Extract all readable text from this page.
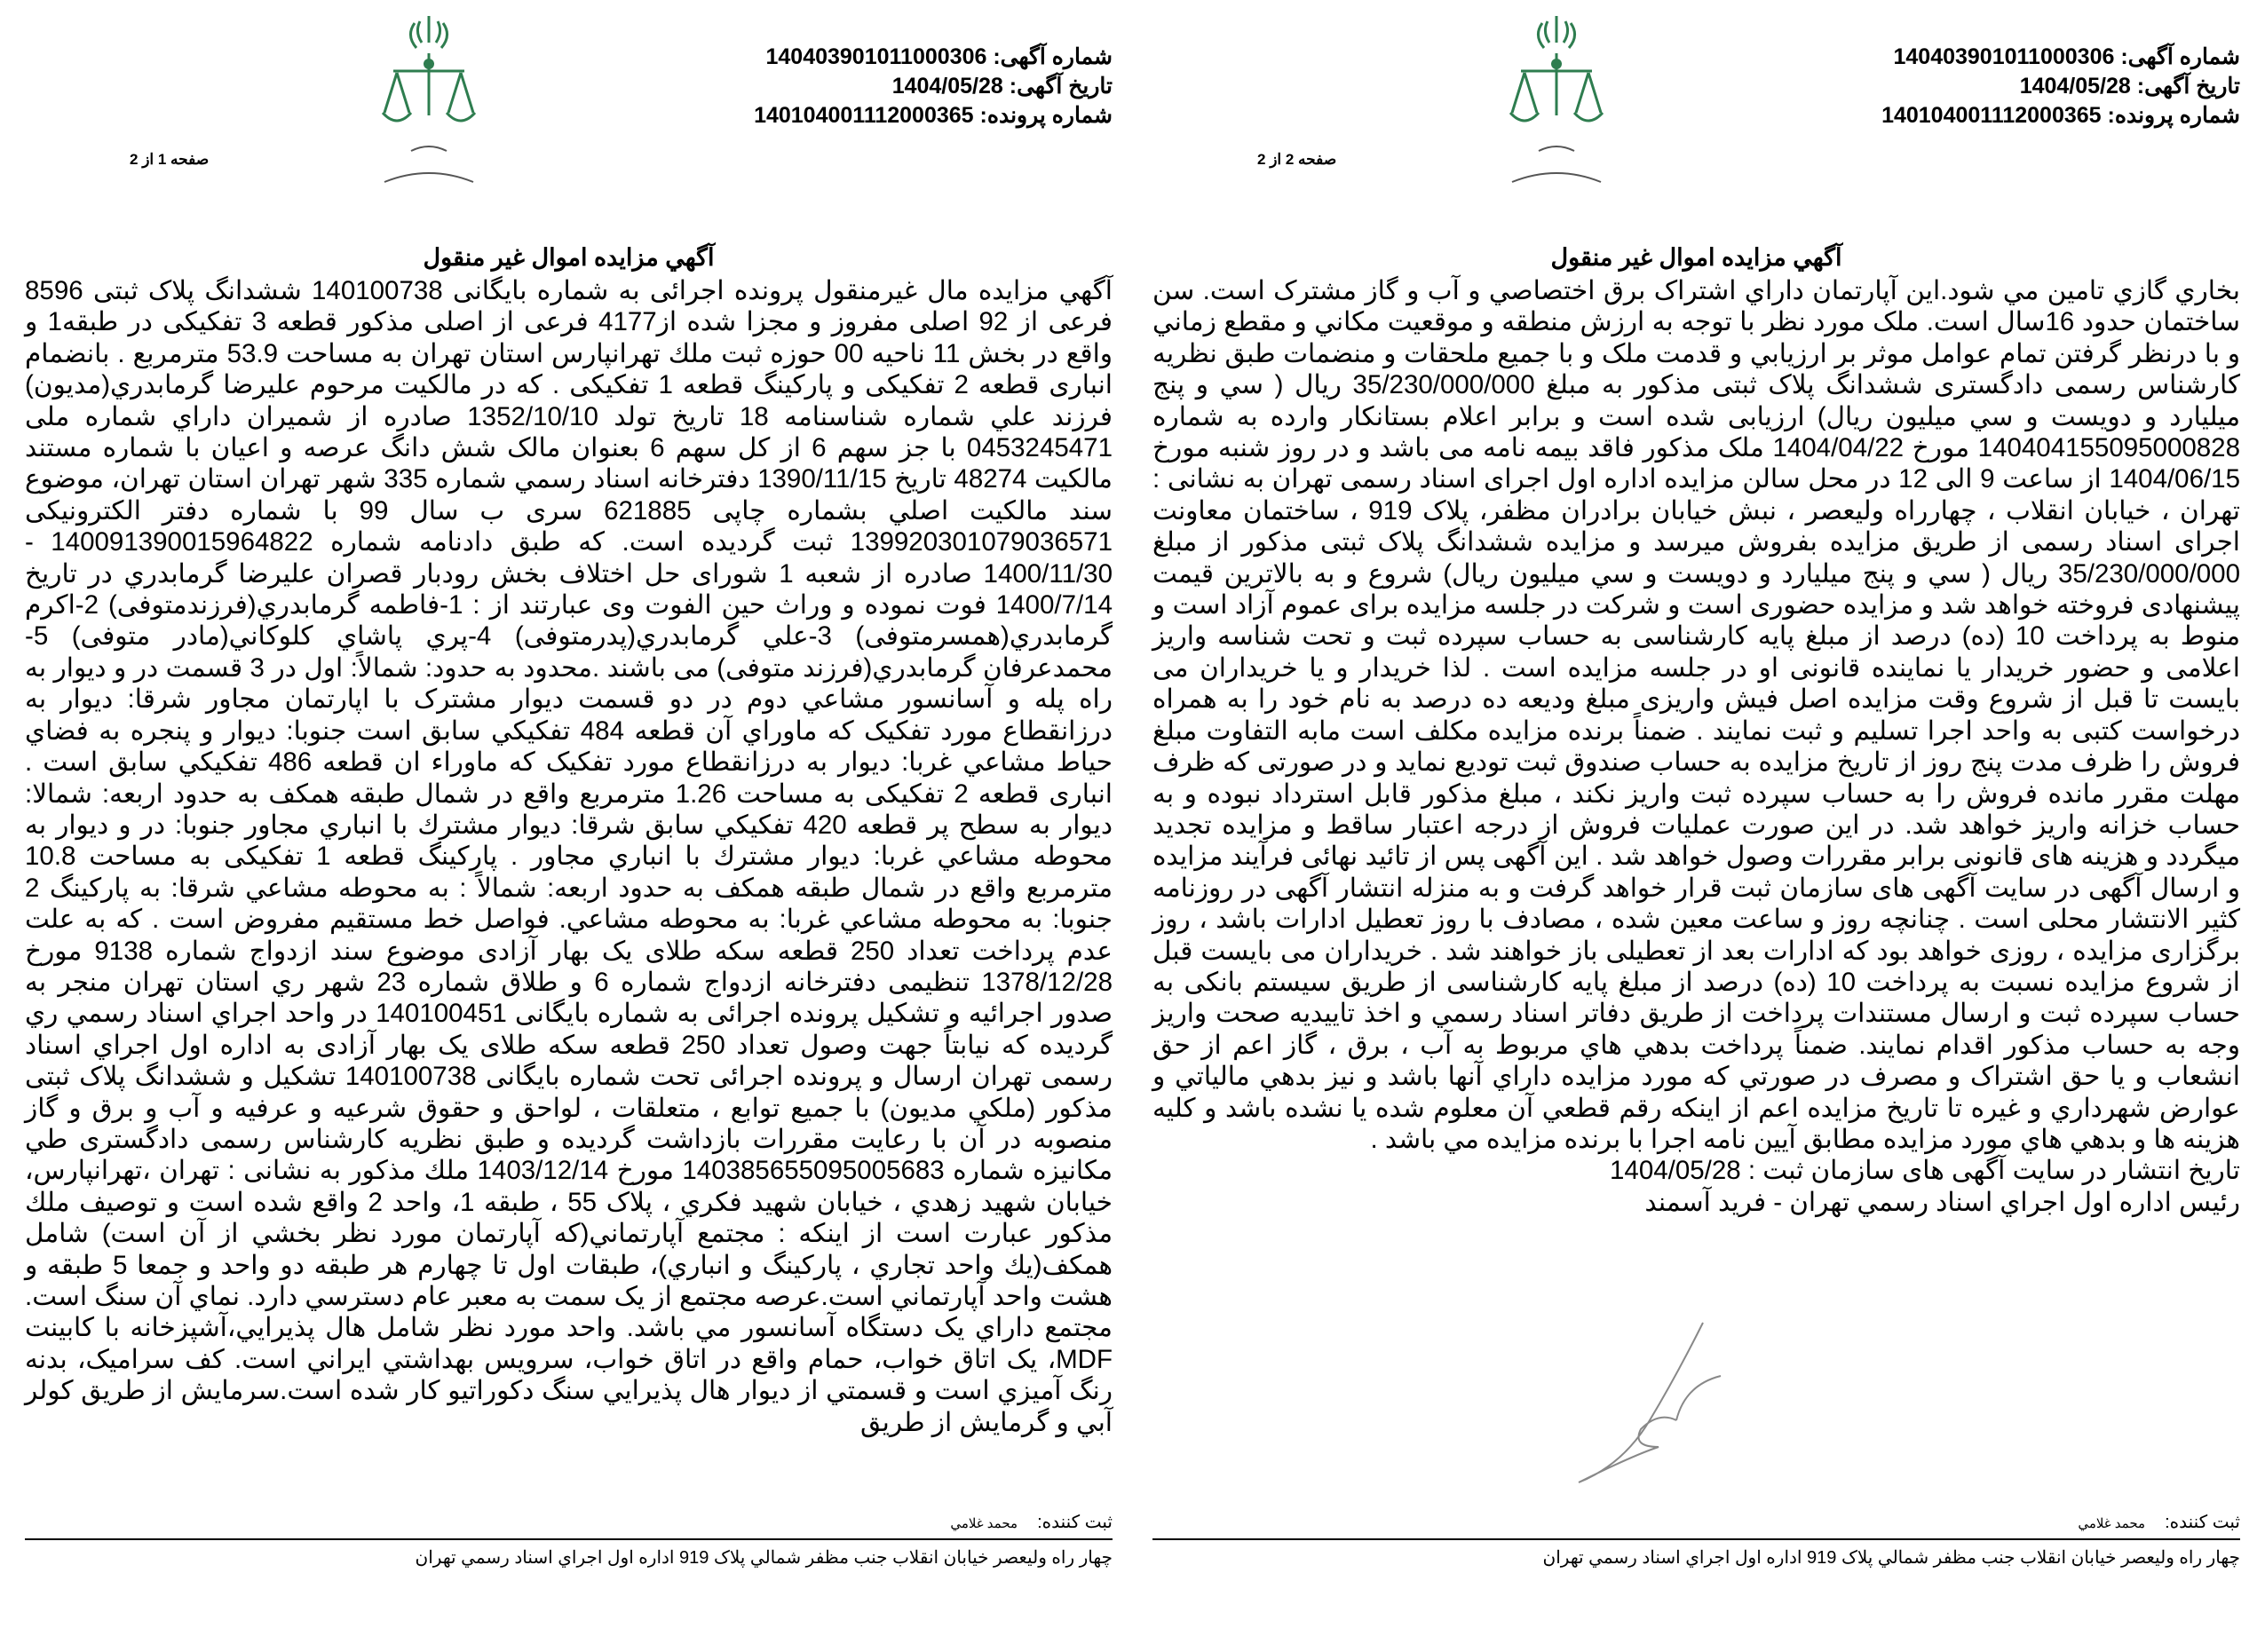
شماره آگهی: 140403901011000306
تاریخ آگهی: 1404/05/28
شماره پرونده: 140104001112000365
صفحه 1 از 2
آگهي مزايده اموال غير منقول

آگهي مزايده مال غيرمنقول پرونده اجرائی به شماره بایگانی 140100738 ششدانگ پلاک ثبتی 8596 فرعی از 92 اصلی مفروز و مجزا شده از4177 فرعی از اصلی مذکور قطعه 3 تفکیکی در طبقه1 و واقع در بخش 11 ناحیه 00 حوزه ثبت ملك تهرانپارس استان تهران به مساحت 53.9 مترمربع . بانضمام انباری قطعه 2 تفکیکی و پارکینگ قطعه 1 تفکیکی . که در مالکیت مرحوم علیرضا گرمابدري(مدیون) فرزند علي شماره شناسنامه 18 تاريخ تولد 1352/10/10 صادره از شميران داراي شماره ملی 0453245471 با جز سهم 6 از کل سهم 6 بعنوان مالک شش دانگ عرصه و اعیان با شماره مستند مالکيت 48274 تاريخ 1390/11/15 دفترخانه اسناد رسمي شماره 335 شهر تهران استان تهران، موضوع سند مالکيت اصلي بشماره چاپی 621885 سری ب سال 99 با شماره دفتر الکترونیکی 139920301079036571 ثبت گردیده است. که طبق دادنامه شماره 140091390015964822 - 1400/11/30 صادره از شعبه 1 شورای حل اختلاف بخش رودبار قصران عليرضا گرمابدري در تاريخ 1400/7/14 فوت نموده و وراث حین الفوت وی عبارتند از : 1-فاطمه گرمابدري(فرزندمتوفی) 2-اکرم گرمابدري(همسرمتوفی) 3-علي گرمابدري(پدرمتوفی) 4-پري پاشاي کلوکاني(مادر متوفی) 5-محمدعرفان گرمابدري(فرزند متوفی) می باشند .محدود به حدود: شمالاً: اول در 3 قسمت در و ديوار به راه پله و آسانسور مشاعي دوم در دو قسمت ديوار مشترک با اپارتمان مجاور شرقا: ديوار به درزانقطاع مورد تفکيک که ماوراي آن قطعه 484 تفکيكي سابق است جنوبا: ديوار و پنجره به فضاي حياط مشاعي غربا: ديوار به درزانقطاع مورد تفکيک كه ماوراء ان قطعه 486 تفکيكي سابق است . انباری قطعه 2 تفکیکی به مساحت 1.26 مترمربع واقع در شمال طبقه همکف به حدود اربعه: شمالا: ديوار به سطح پر قطعه 420 تفکيکي سابق شرقا: ديوار مشترك با انباري مجاور جنوبا: در و ديوار به محوطه مشاعي غربا: ديوار مشترك با انباري مجاور . پارکینگ قطعه 1 تفکیکی به مساحت 10.8 مترمربع واقع در شمال طبقه همکف به حدود اربعه: شمالاً : به محوطه مشاعي شرقا: به پارکينگ 2 جنوبا: به محوطه مشاعي غربا: به محوطه مشاعي. فواصل خط مستقيم مفروض است . که به علت عدم پرداخت تعداد 250 قطعه سکه طلای یک بهار آزادی موضوع سند ازدواج شماره 9138 مورخ 1378/12/28 تنظیمی دفترخانه ازدواج شماره 6 و طلاق شماره 23 شهر ري استان تهران منجر به صدور اجرائیه و تشکیل پرونده اجرائی به شماره بایگانی 140100451 در واحد اجراي اسناد رسمي ري گرديده كه نيابتاً جهت وصول تعداد 250 قطعه سکه طلای یک بهار آزادی به اداره اول اجراي اسناد رسمی تهران ارسال و پرونده اجرائی تحت شماره بایگانی 140100738 تشکیل و ششدانگ پلاک ثبتی مذکور (ملکي مديون) با جميع توابع ، متعلقات ، لواحق و حقوق شرعيه و عرفيه و آب و برق و گاز منصوبه در آن با رعايت مقررات بازداشت گرديده و طبق نظريه کارشناس رسمی دادگستری طي مكانيزه شماره 140385655095005683 مورخ 1403/12/14 ملك مذكور به نشانی : تهران ،تهرانپارس، خيابان شهيد زهدي ، خيابان شهيد فكري ، پلاک 55 ، طبقه 1، واحد 2 واقع شده است و توصيف ملك مذكور عبارت است از اينكه : مجتمع آپارتماني(كه آپارتمان مورد نظر بخشي از آن است) شامل همكف(يك واحد تجاري ، پاركينگ و انباري)، طبقات اول تا چهارم هر طبقه دو واحد و جمعا 5 طبقه و هشت واحد آپارتماني است.عرصه مجتمع از يک سمت به معبر عام دسترسي دارد. نماي آن سنگ است. مجتمع داراي يک دستگاه آسانسور مي باشد. واحد مورد نظر شامل هال پذيرايي،آشپزخانه با کابينت MDF، يک اتاق خواب، حمام واقع در اتاق خواب، سرويس بهداشتي ايراني است. کف سراميک، بدنه رنگ آميزي است و قسمتي از ديوار هال پذيرايي سنگ دکوراتيو کار شده است.سرمايش از طريق کولر آبي و گرمايش از طريق

ثبت کننده:محمد غلامي
چهار راه وليعصر خيابان انقلاب جنب مظفر شمالي پلاک 919 اداره اول اجراي اسناد رسمي تهران
شماره آگهی: 140403901011000306
تاریخ آگهی: 1404/05/28
شماره پرونده: 140104001112000365
صفحه 2 از 2
آگهي مزايده اموال غير منقول

بخاري گازي تامين مي شود.اين آپارتمان داراي اشتراک برق اختصاصي و آب و گاز مشترک است. سن ساختمان حدود 16سال است. ملک مورد نظر با توجه به ارزش منطقه و موقعيت مکاني و مقطع زماني و با درنظر گرفتن تمام عوامل موثر بر ارزيابي و قدمت ملک و با جميع ملحقات و منضمات طبق نظريه کارشناس رسمی دادگستری ششدانگ پلاک ثبتی مذکور به مبلغ 35/230/000/000 ريال ( سي و پنج ميليارد و دويست و سي ميليون ريال) ارزيابی شده است و برابر اعلام بستانکار وارده به شماره 140404155095000828 مورخ 1404/04/22 ملک مذکور فاقد بیمه نامه می باشد و در روز شنبه مورخ 1404/06/15 از ساعت 9 الی 12 در محل سالن مزایده اداره اول اجرای اسناد رسمی تهران به نشانی : تهران ، خیابان انقلاب ، چهارراه ولیعصر ، نبش خیابان برادران مظفر، پلاک 919 ، ساختمان معاونت اجرای اسناد رسمی از طریق مزایده بفروش میرسد و مزایده ششدانگ پلاک ثبتی مذکور از مبلغ 35/230/000/000 ريال ( سي و پنج ميليارد و دويست و سي ميليون ريال) شروع و به بالاترین قیمت پیشنهادی فروخته خواهد شد و مزایده حضوری است و شرکت در جلسه مزایده برای عموم آزاد است و منوط به پرداخت 10 (ده) درصد از مبلغ پایه کارشناسی به حساب سپرده ثبت و تحت شناسه واریز اعلامی و حضور خریدار یا نماینده قانونی او در جلسه مزایده است . لذا خریدار و یا خریداران می بایست تا قبل از شروع وقت مزایده اصل فیش واریزی مبلغ ودیعه ده درصد به نام خود را به همراه درخواست کتبی به واحد اجرا تسلیم و ثبت نمایند . ضمناً برنده مزایده مکلف است مابه التفاوت مبلغ فروش را ظرف مدت پنج روز از تاریخ مزایده به حساب صندوق ثبت تودیع نماید و در صورتی که ظرف مهلت مقرر مانده فروش را به حساب سپرده ثبت واریز نکند ، مبلغ مذکور قابل استرداد نبوده و به حساب خزانه واریز خواهد شد. در این صورت عملیات فروش از درجه اعتبار ساقط و مزایده تجدید میگردد و هزینه های قانونی برابر مقررات وصول خواهد شد . این آگهی پس از تائید نهائی فرآیند مزایده و ارسال آگهی در سایت آگهی های سازمان ثبت قرار خواهد گرفت و به منزله انتشار آگهی در روزنامه کثیر الانتشار محلی است . چنانچه روز و ساعت معین شده ، مصادف با روز تعطیل ادارات باشد ، روز برگزاری مزایده ، روزی خواهد بود که ادارات بعد از تعطیلی باز خواهند شد . خریداران می بایست قبل از شروع مزایده نسبت به پرداخت 10 (ده) درصد از مبلغ پایه کارشناسی از طریق سیستم بانکی به حساب سپرده ثبت و ارسال مستندات پرداخت از طریق دفاتر اسناد رسمي و اخذ تاییدیه صحت واریز وجه به حساب مذکور اقدام نمایند. ضمناً پرداخت بدهي هاي مربوط به آب ، برق ، گاز اعم از حق انشعاب و يا حق اشتراک و مصرف در صورتي که مورد مزايده داراي آنها باشد و نيز بدهي مالياتي و عوارض شهرداري و غيره تا تاريخ مزايده اعم از اينکه رقم قطعي آن معلوم شده يا نشده باشد و کليه هزينه ها و بدهي هاي مورد مزايده مطابق آيين نامه اجرا با برنده مزايده مي باشد .

تاریخ انتشار در سایت آگهی های سازمان ثبت : 1404/05/28

رئیس اداره اول اجراي اسناد رسمي تهران - فريد آسمند

ثبت کننده:محمد غلامي
چهار راه وليعصر خيابان انقلاب جنب مظفر شمالي پلاک 919 اداره اول اجراي اسناد رسمي تهران
